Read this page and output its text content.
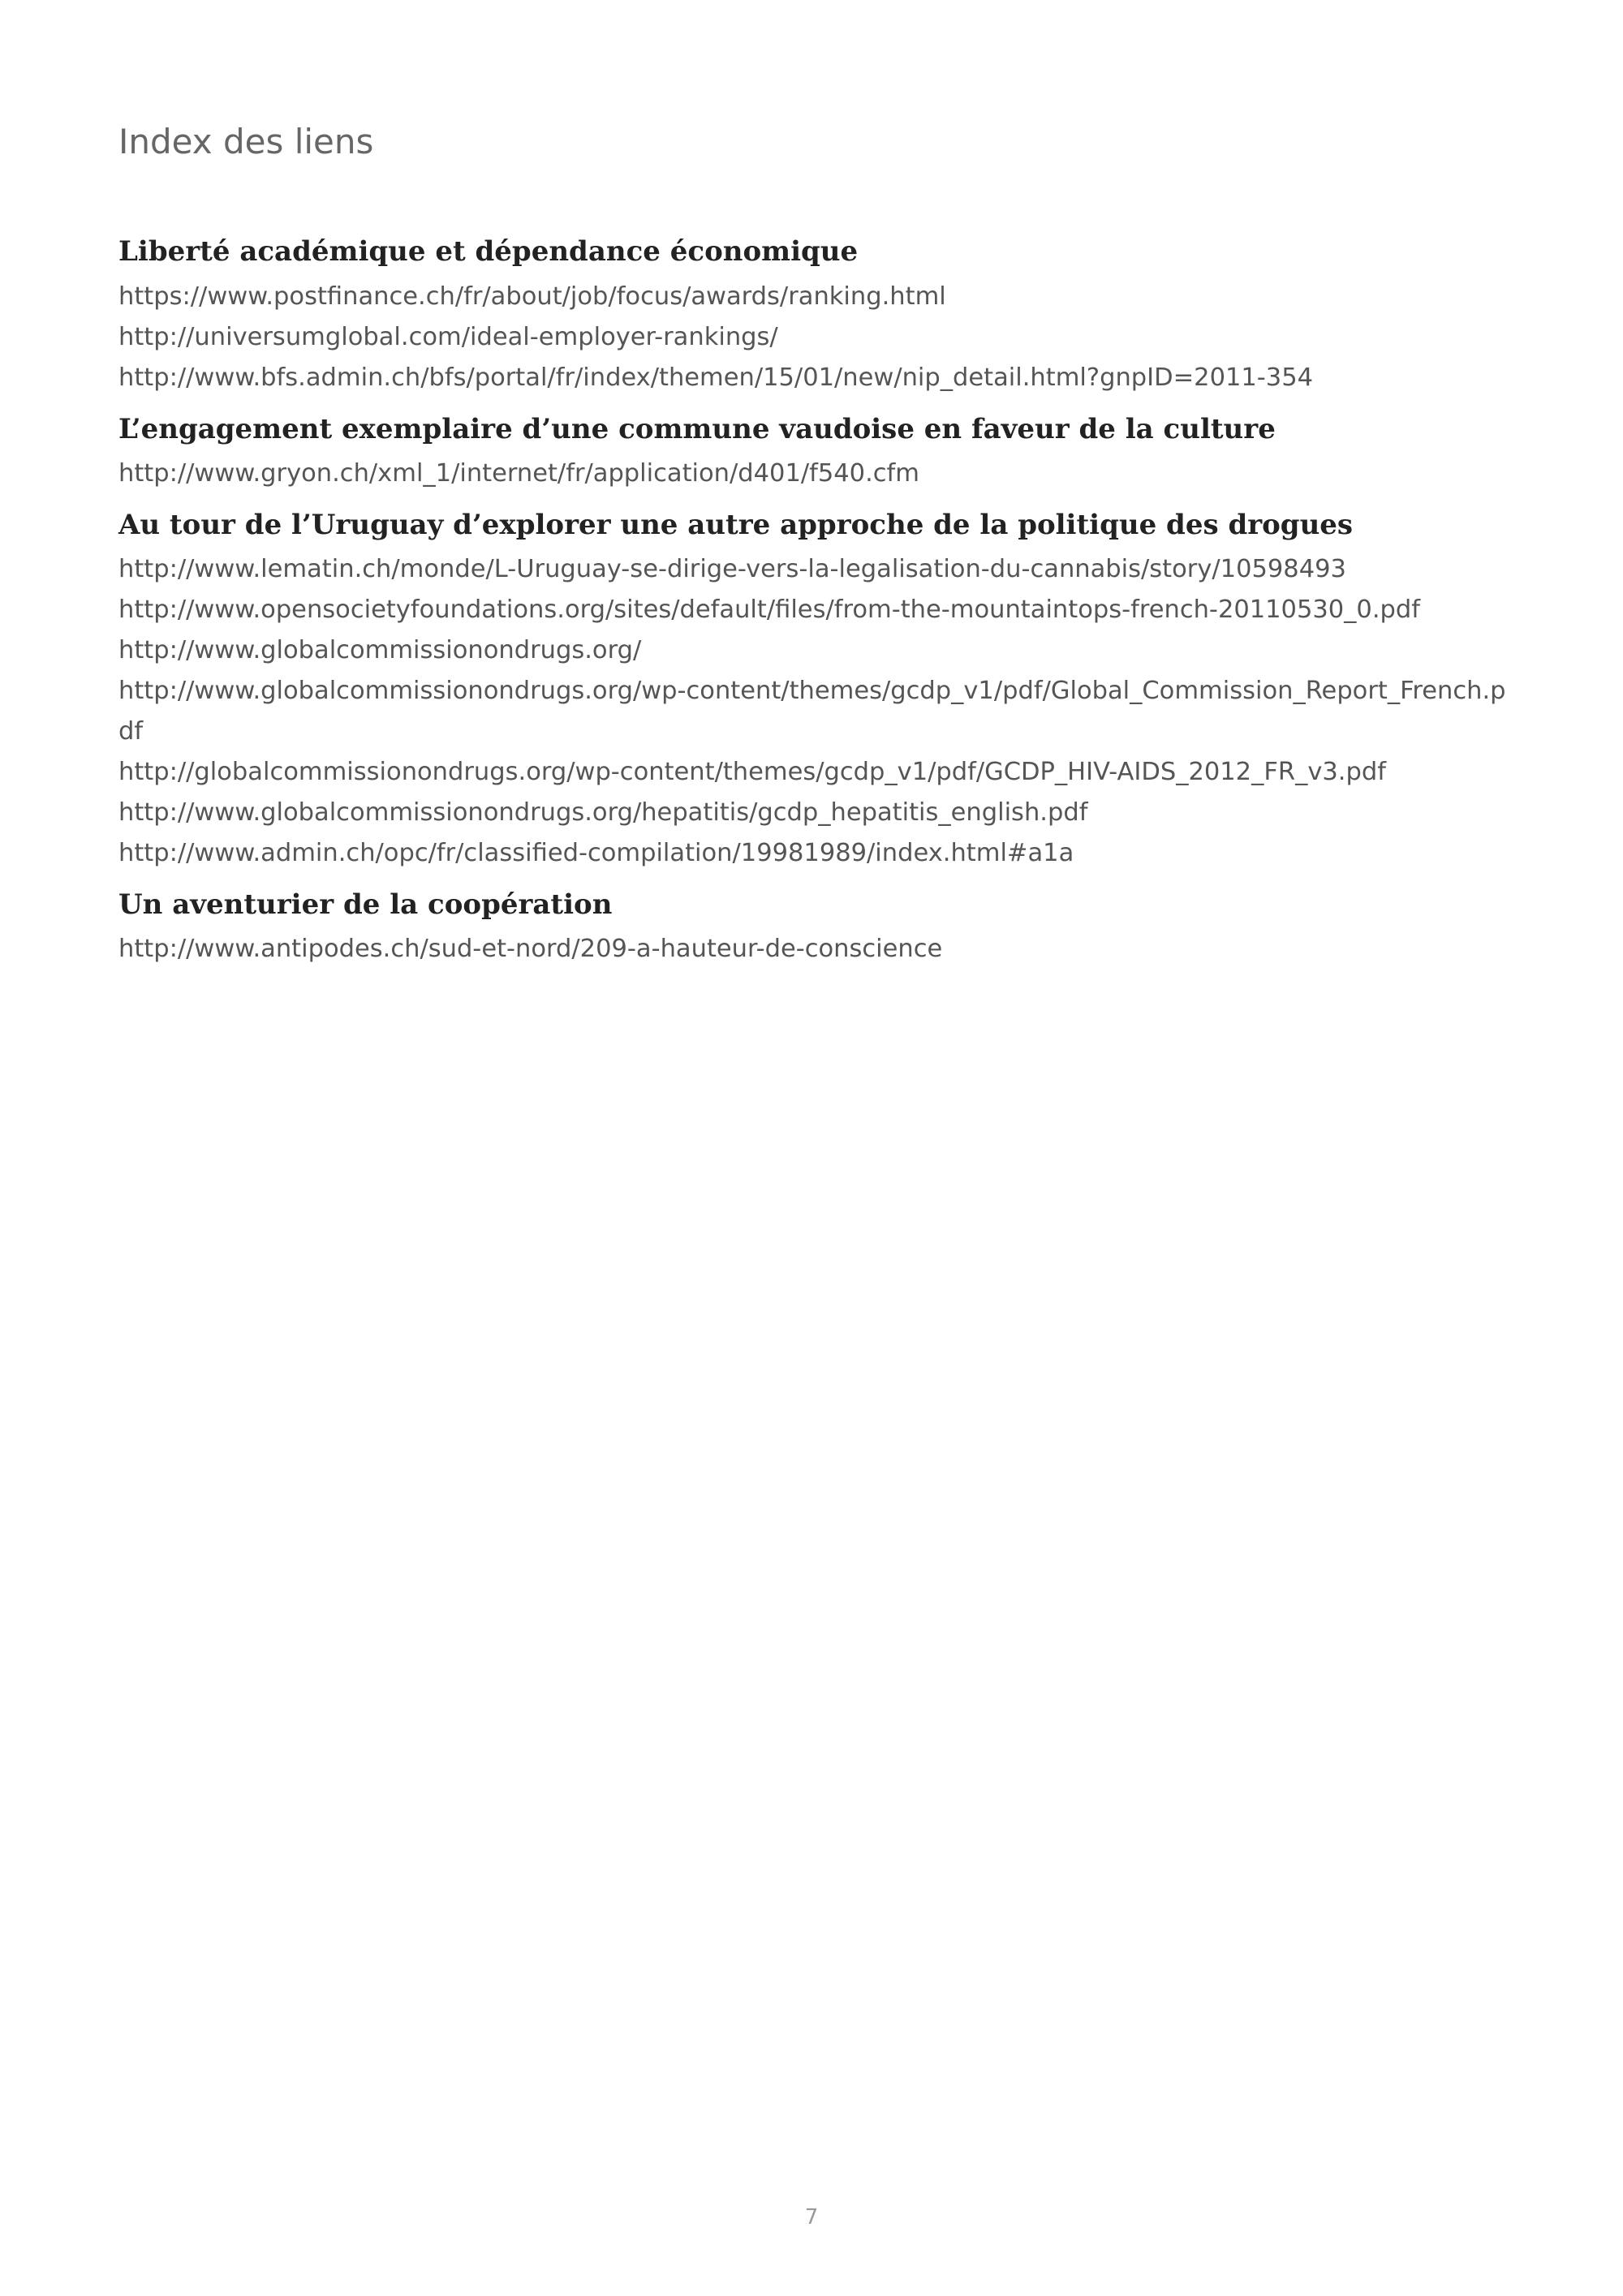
Index des liens
Liberté académique et dépendance économique
https://www.postfinance.ch/fr/about/job/focus/awards/ranking.html
http://universumglobal.com/ideal-employer-rankings/
http://www.bfs.admin.ch/bfs/portal/fr/index/themen/15/01/new/nip_detail.html?gnpID=2011-354
L’engagement exemplaire d’une commune vaudoise en faveur de la culture
http://www.gryon.ch/xml_1/internet/fr/application/d401/f540.cfm
Au tour de l’Uruguay d’explorer une autre approche de la politique des drogues
http://www.lematin.ch/monde/L-Uruguay-se-dirige-vers-la-legalisation-du-cannabis/story/10598493
http://www.opensocietyfoundations.org/sites/default/files/from-the-mountaintops-french-20110530_0.pdf
http://www.globalcommissionondrugs.org/
http://www.globalcommissionondrugs.org/wp-content/themes/gcdp_v1/pdf/Global_Commission_Report_French.pdf
http://globalcommissionondrugs.org/wp-content/themes/gcdp_v1/pdf/GCDP_HIV-AIDS_2012_FR_v3.pdf
http://www.globalcommissionondrugs.org/hepatitis/gcdp_hepatitis_english.pdf
http://www.admin.ch/opc/fr/classified-compilation/19981989/index.html#a1a
Un aventurier de la coopération
http://www.antipodes.ch/sud-et-nord/209-a-hauteur-de-conscience
7
